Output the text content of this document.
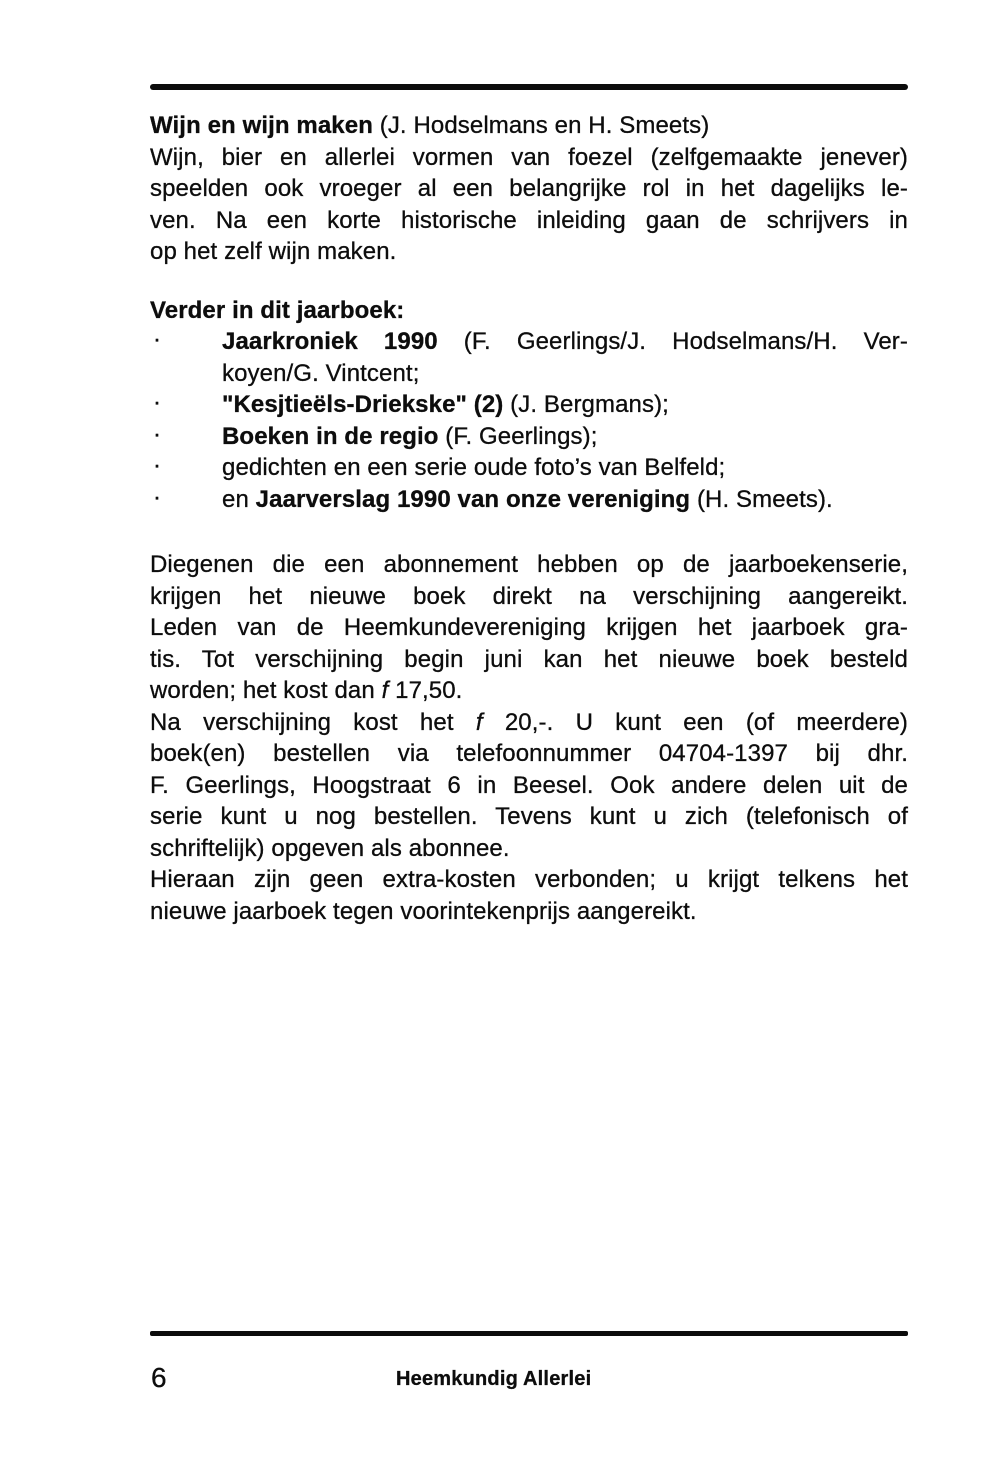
Wijn en wijn maken (J. Hodselmans en H. Smeets)
Wijn, bier en allerlei vormen van foezel (zelfgemaakte jenever)
speelden ook vroeger al een belangrijke rol in het dagelijks le-
ven. Na een korte historische inleiding gaan de schrijvers in
op het zelf wijn maken.
Verder in dit jaarboek:
·	Jaarkroniek 1990 (F. Geerlings/J. Hodselmans/H. Ver-
koyen/G. Vintcent;
·	"Kesjtieëls-Driekske" (2) (J. Bergmans);
·	Boeken in de regio (F. Geerlings);
·	gedichten en een serie oude foto’s van Belfeld;
·	en Jaarverslag 1990 van onze vereniging (H. Smeets).
Diegenen die een abonnement hebben op de jaarboekenserie,
krijgen het nieuwe boek direkt na verschijning aangereikt.
Leden van de Heemkundevereniging krijgen het jaarboek gra-
tis. Tot verschijning begin juni kan het nieuwe boek besteld
worden; het kost dan f 17,50.
Na verschijning kost het f 20,-. U kunt een (of meerdere)
boek(en) bestellen via telefoonnummer 04704-1397 bij dhr.
F. Geerlings, Hoogstraat 6 in Beesel. Ook andere delen uit de
serie kunt u nog bestellen. Tevens kunt u zich (telefonisch of
schriftelijk) opgeven als abonnee.
Hieraan zijn geen extra-kosten verbonden; u krijgt telkens het
nieuwe jaarboek tegen voorintekenprijs aangereikt.
6	Heemkundig Allerlei
